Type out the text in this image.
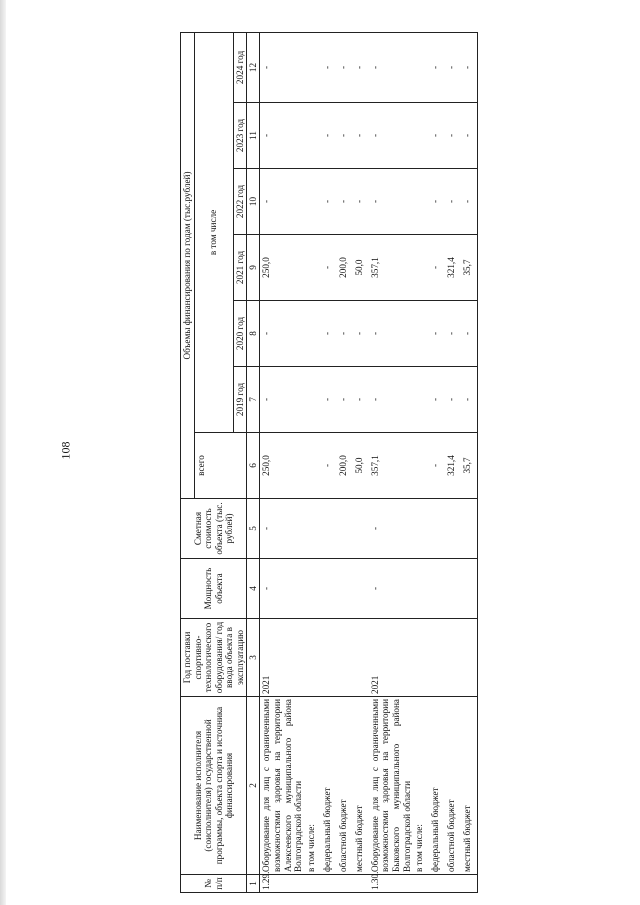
108
№ п/п	Наименование исполнителя (соисполнителя) государственной программы, объекта спорта и источника финансирования	Год поставки спортивно-технологического оборудования/ год ввода объекта в эксплуатацию	Мощность объекта	Сметная стоимость объекта (тыс. рублей)	Объемы финансирования по годам (тыс.рублей)						
					всего	в том числе					
						2019 год	2020 год	2021 год	2022 год	2023 год	2024 год
1	2	3	4	5	6	7	8	9	10	11	12
1.29.	Оборудование для лиц с ограниченными возможностями здоровья на территории Алексеевского муниципального района Волгоградской области	2021	-	-	250,0	-	-	250,0	-	-	-
	в том числе:										
	федеральный бюджет				-	-	-	-	-	-	-
	областной бюджет				200,0	-	-	200,0	-	-	-
	местный бюджет				50,0	-	-	50,0	-	-	-
1.30.	Оборудование для лиц с ограниченными возможностями здоровья на территории Быковского муниципального района Волгоградской области	2021	-	-	357,1	-	-	357,1	-	-	-
	в том числе:										
	федеральный бюджет				-	-	-	-	-	-	-
	областной бюджет				321,4	-	-	321,4	-	-	-
	местный бюджет				35,7	-	-	35,7	-	-	-
